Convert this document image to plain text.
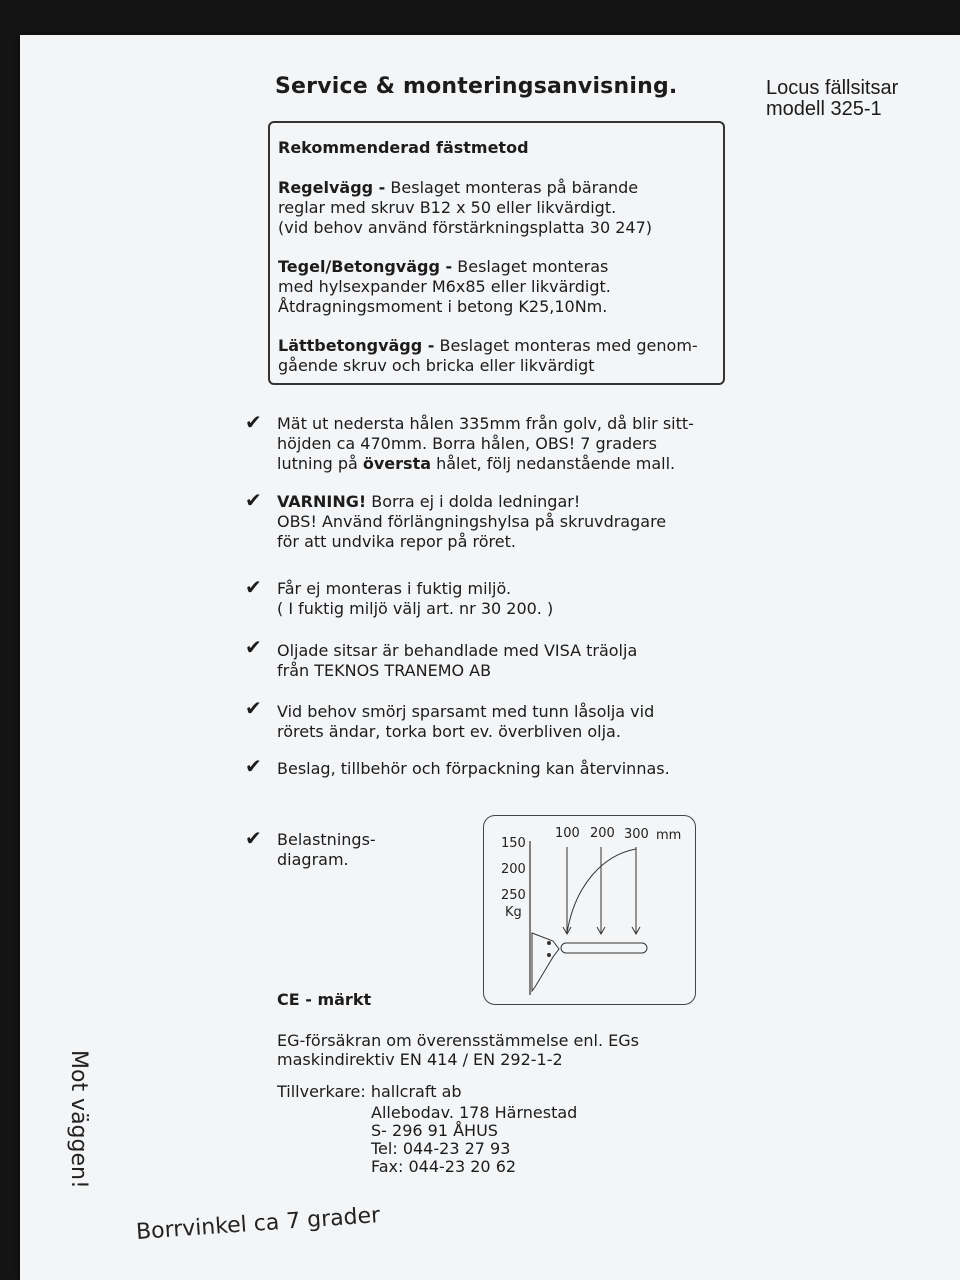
Service & monteringsanvisning.	Locus fällsitsar
modell 325-1
Rekommenderad fästmetod
Regelvägg - Beslaget monteras på bärande
reglar med skruv B12 x 50 eller likvärdigt.
(vid behov använd förstärkningsplatta 30 247)
Tegel/Betongvägg - Beslaget monteras
med hylsexpander M6x85 eller likvärdigt.
Åtdragningsmoment i betong K25,10Nm.
Lättbetongvägg - Beslaget monteras med genom-
gående skruv och bricka eller likvärdigt
✔ Mät ut nedersta hålen 335mm från golv, då blir sitt-
höjden ca 470mm. Borra hålen, OBS! 7 graders
lutning på översta hålet, följ nedanstående mall.
✔ VARNING! Borra ej i dolda ledningar!
OBS! Använd förlängningshylsa på skruvdragare
för att undvika repor på röret.
✔ Får ej monteras i fuktig miljö.
( I fuktig miljö välj art. nr 30 200. )
✔ Oljade sitsar är behandlade med VISA träolja
från TEKNOS TRANEMO AB
✔ Vid behov smörj sparsamt med tunn låsolja vid
rörets ändar, torka bort ev. överbliven olja.
✔ Beslag, tillbehör och förpackning kan återvinnas.
✔ Belastnings-
diagram.
150
200
250
Kg
100 200 300 mm
CE - märkt
EG-försäkran om överensstämmelse enl. EGs
maskindirektiv EN 414 / EN 292-1-2
Tillverkare: hallcraft ab
Allebodav. 178 Härnestad
S- 296 91 ÅHUS
Tel: 044-23 27 93
Fax: 044-23 20 62
Mot väggen!
Borrvinkel ca 7 grader
